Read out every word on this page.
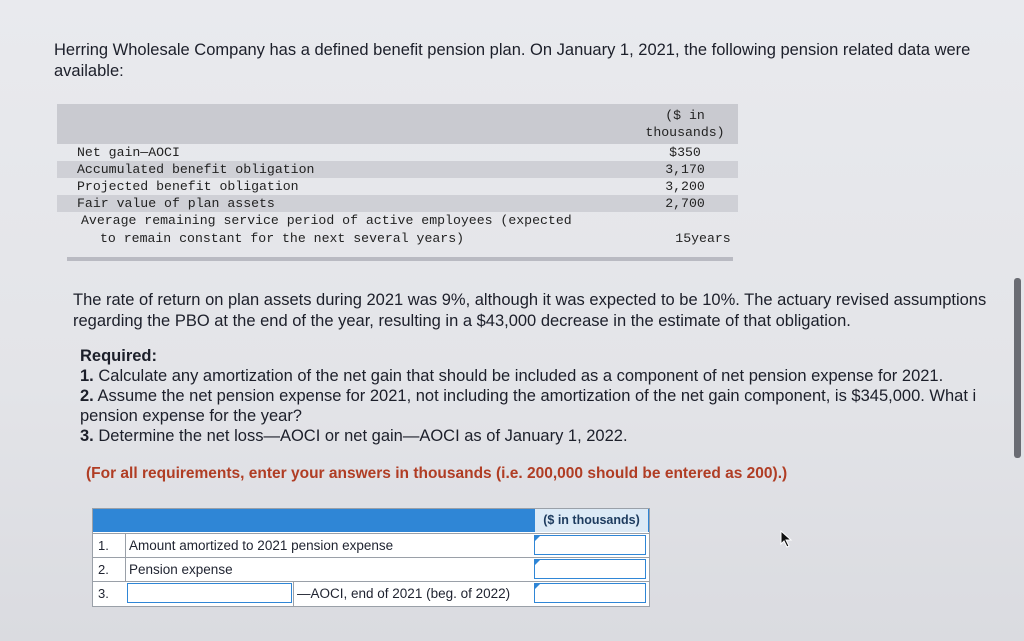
Herring Wholesale Company has a defined benefit pension plan. On January 1, 2021, the following pension related data were available:
($ in
thousands)
Net gain—AOCI	$350
Accumulated benefit obligation	3,170
Projected benefit obligation	3,200
Fair value of plan assets	2,700
Average remaining service period of active employees (expected
to remain constant for the next several years)	15years
The rate of return on plan assets during 2021 was 9%, although it was expected to be 10%. The actuary revised assumptions
regarding the PBO at the end of the year, resulting in a $43,000 decrease in the estimate of that obligation.
Required:
1. Calculate any amortization of the net gain that should be included as a component of net pension expense for 2021.
2. Assume the net pension expense for 2021, not including the amortization of the net gain component, is $345,000. What i
pension expense for the year?
3. Determine the net loss—AOCI or net gain—AOCI as of January 1, 2022.
(For all requirements, enter your answers in thousands (i.e. 200,000 should be entered as 200).)
($ in thousands)
1. Amount amortized to 2021 pension expense
2. Pension expense
3.	—AOCI, end of 2021 (beg. of 2022)
